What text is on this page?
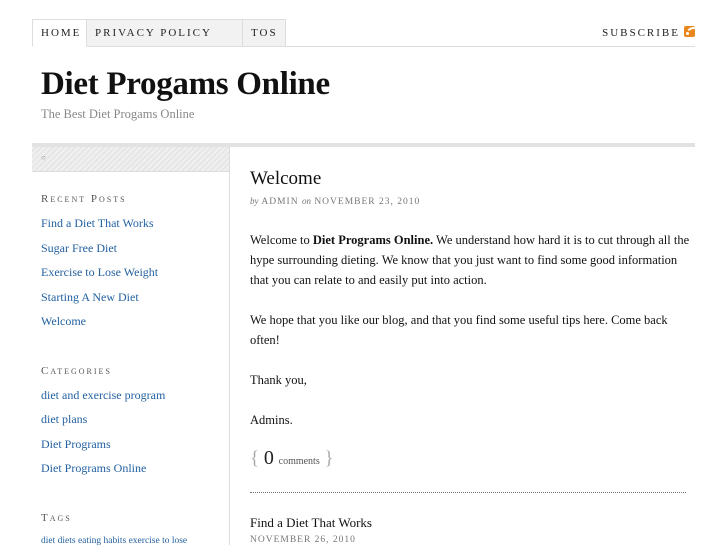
HOME	PRIVACY POLICY	TOS	SUBSCRIBE
Diet Progams Online
The Best Diet Progams Online
○
Recent Posts
Find a Diet That Works
Sugar Free Diet
Exercise to Lose Weight
Starting A New Diet
Welcome
Categories
diet and exercise program
diet plans
Diet Programs
Diet Programs Online
Tags
diet diets eating habits exercise to lose
Welcome
by ADMIN on NOVEMBER 23, 2010

Welcome to Diet Programs Online. We understand how hard it is to cut through all the hype surrounding dieting. We know that you just want to find some good information that you can relate to and easily put into action.

We hope that you like our blog, and that you find some useful tips here. Come back often!

Thank you,

Admins.

{ 0 comments }
Find a Diet That Works
NOVEMBER 26, 2010
